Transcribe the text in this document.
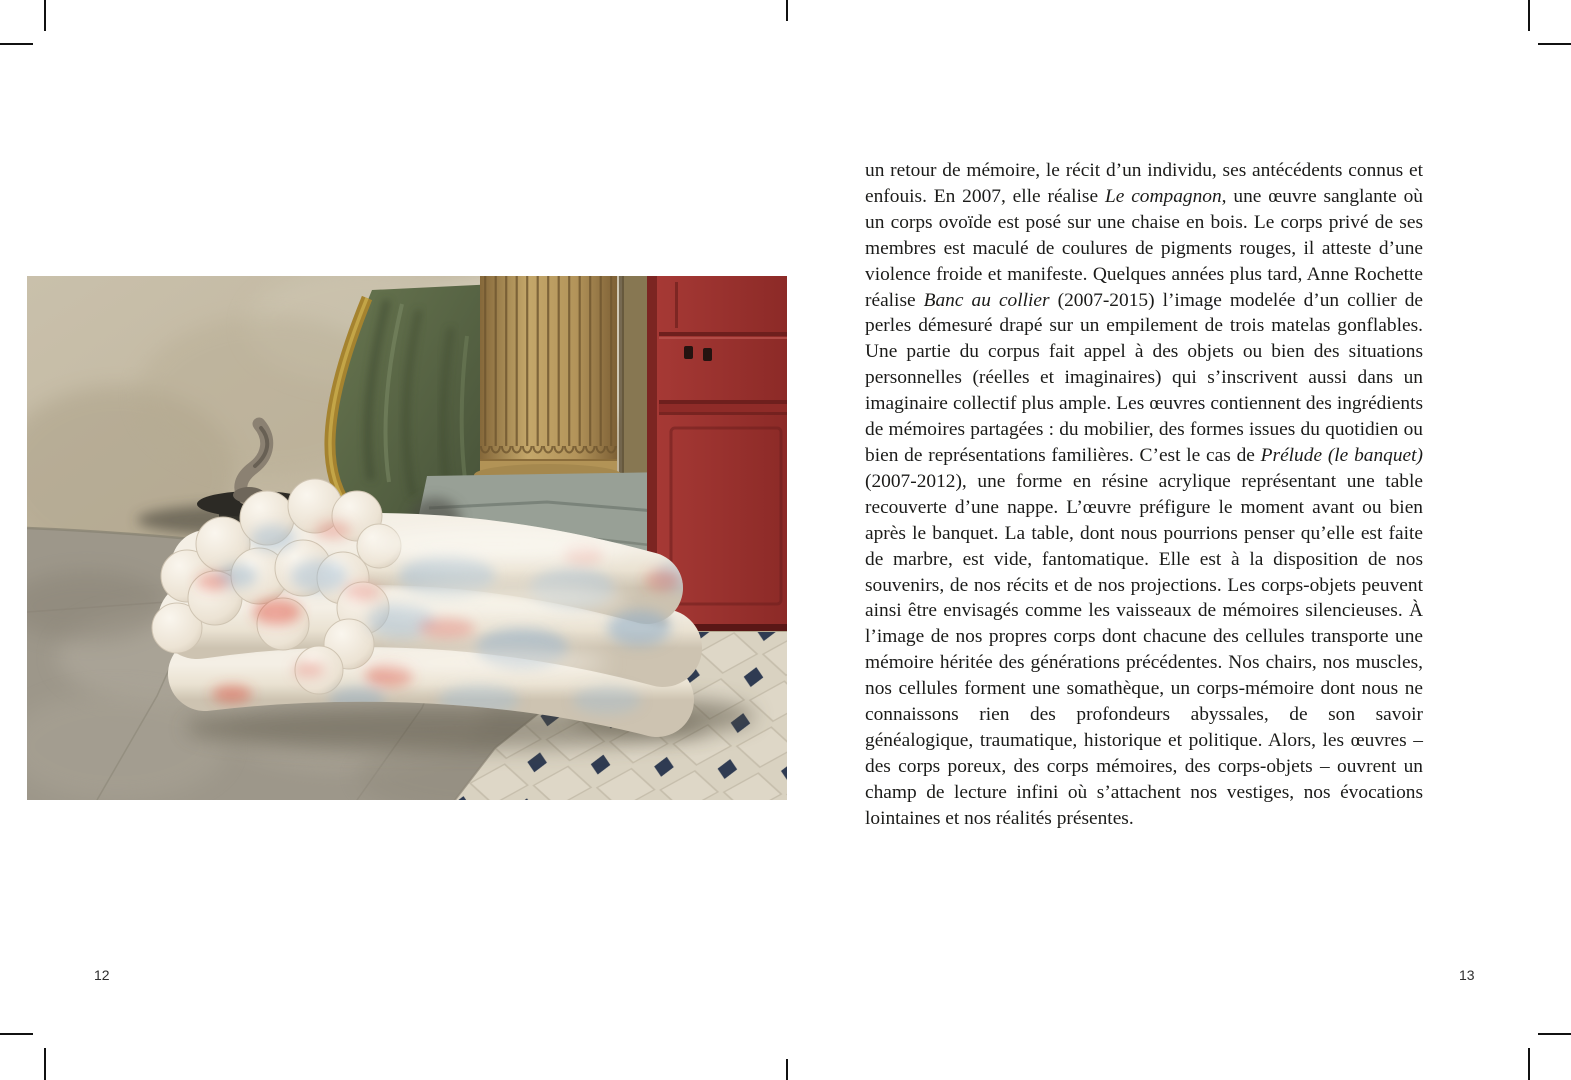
12
un retour de mémoire, le récit d’un individu, ses antécédents connus et enfouis. En 2007, elle réalise Le compagnon, une œuvre sanglante où un corps ovoïde est posé sur une chaise en bois. Le corps privé de ses membres est maculé de coulures de pigments rouges, il atteste d’une violence froide et manifeste. Quelques années plus tard, Anne Rochette réalise Banc au collier (2007-2015) l’image modelée d’un collier de perles démesuré drapé sur un empilement de trois matelas gonflables. Une partie du corpus fait appel à des objets ou bien des situations personnelles (réelles et imaginaires) qui s’inscrivent aussi dans un imaginaire collectif plus ample. Les œuvres contiennent des ingrédients de mémoires partagées : du mobilier, des formes issues du quotidien ou bien de représentations familières. C’est le cas de Prélude (le banquet) (2007-2012), une forme en résine acrylique représentant une table recouverte d’une nappe. L’œuvre préfigure le moment avant ou bien après le banquet. La table, dont nous pourrions penser qu’elle est faite de marbre, est vide, fantomatique. Elle est à la disposition de nos souvenirs, de nos récits et de nos projections. Les corps-objets peuvent ainsi être envisagés comme les vaisseaux de mémoires silencieuses. À l’image de nos propres corps dont chacune des cellules transporte une mémoire héritée des générations précédentes. Nos chairs, nos muscles, nos cellules forment une somathèque, un corps-mémoire dont nous ne connaissons rien des profondeurs abyssales, de son savoir généalogique, traumatique, historique et politique. Alors, les œuvres – des corps poreux, des corps mémoires, des corps-objets – ouvrent un champ de lecture infini où s’attachent nos vestiges, nos évocations lointaines et nos réalités présentes.
13
